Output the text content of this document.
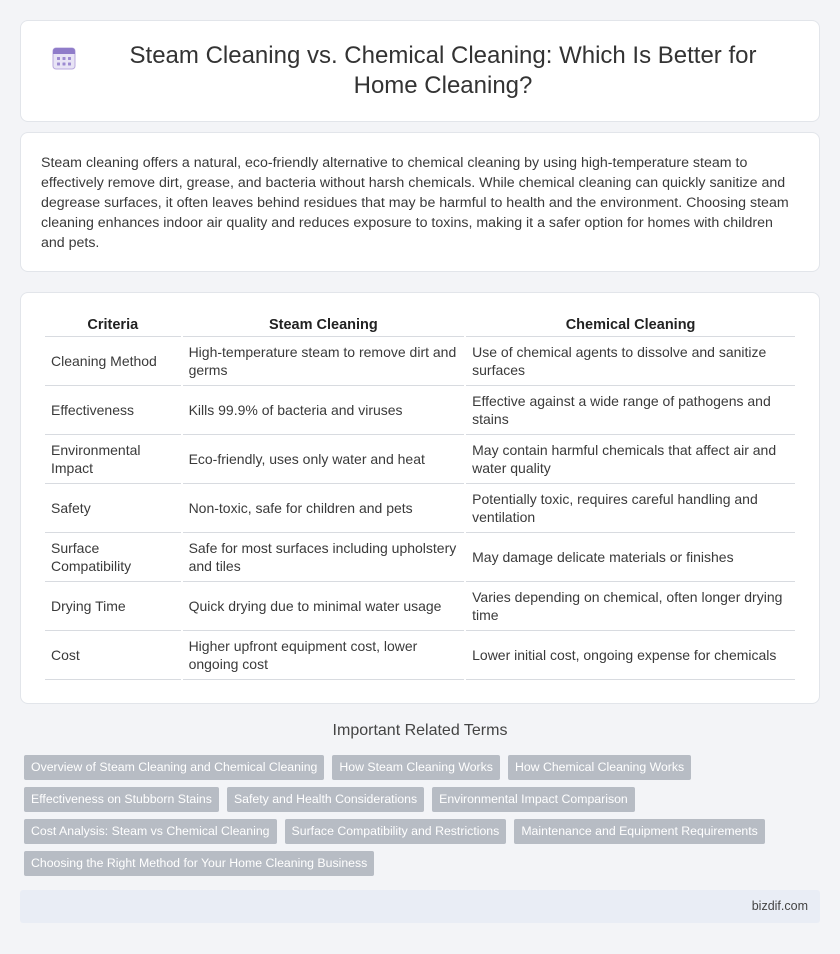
Steam Cleaning vs. Chemical Cleaning: Which Is Better for Home Cleaning?

Steam cleaning offers a natural, eco-friendly alternative to chemical cleaning by using high-temperature steam to effectively remove dirt, grease, and bacteria without harsh chemicals. While chemical cleaning can quickly sanitize and degrease surfaces, it often leaves behind residues that may be harmful to health and the environment. Choosing steam cleaning enhances indoor air quality and reduces exposure to toxins, making it a safer option for homes with children and pets.

Criteria	Steam Cleaning	Chemical Cleaning
Cleaning Method	High-temperature steam to remove dirt and germs	Use of chemical agents to dissolve and sanitize surfaces
Effectiveness	Kills 99.9% of bacteria and viruses	Effective against a wide range of pathogens and stains
Environmental Impact	Eco-friendly, uses only water and heat	May contain harmful chemicals that affect air and water quality
Safety	Non-toxic, safe for children and pets	Potentially toxic, requires careful handling and ventilation
Surface Compatibility	Safe for most surfaces including upholstery and tiles	May damage delicate materials or finishes
Drying Time	Quick drying due to minimal water usage	Varies depending on chemical, often longer drying time
Cost	Higher upfront equipment cost, lower ongoing cost	Lower initial cost, ongoing expense for chemicals
Important Related Terms
Overview of Steam Cleaning and Chemical Cleaning	How Steam Cleaning Works	How Chemical Cleaning Works
Effectiveness on Stubborn Stains	Safety and Health Considerations	Environmental Impact Comparison
Cost Analysis: Steam vs Chemical Cleaning	Surface Compatibility and Restrictions	Maintenance and Equipment Requirements
Choosing the Right Method for Your Home Cleaning Business
bizdif.com
